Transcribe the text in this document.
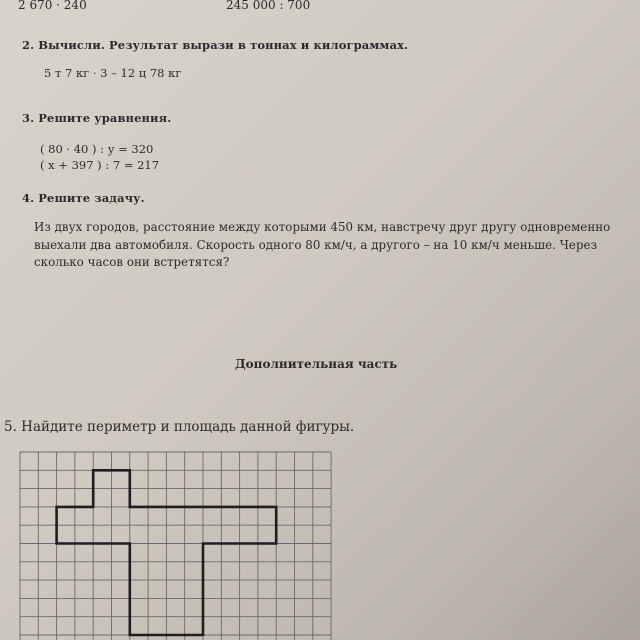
2 670 · 240	245 000 : 700
2. Вычисли. Результат вырази в тоннах и килограммах.
5 т 7 кг · 3 – 12 ц 78 кг
3. Решите уравнения.
( 80 · 40 ) : у = 320
( х + 397 ) : 7 = 217
4. Решите задачу.
Из двух городов, расстояние между которыми 450 км, навстречу друг другу одновременно
выехали два автомобиля. Скорость одного 80 км/ч, а другого – на 10 км/ч меньше. Через
сколько часов они встретятся?
Дополнительная часть
5. Найдите периметр и площадь данной фигуры.
